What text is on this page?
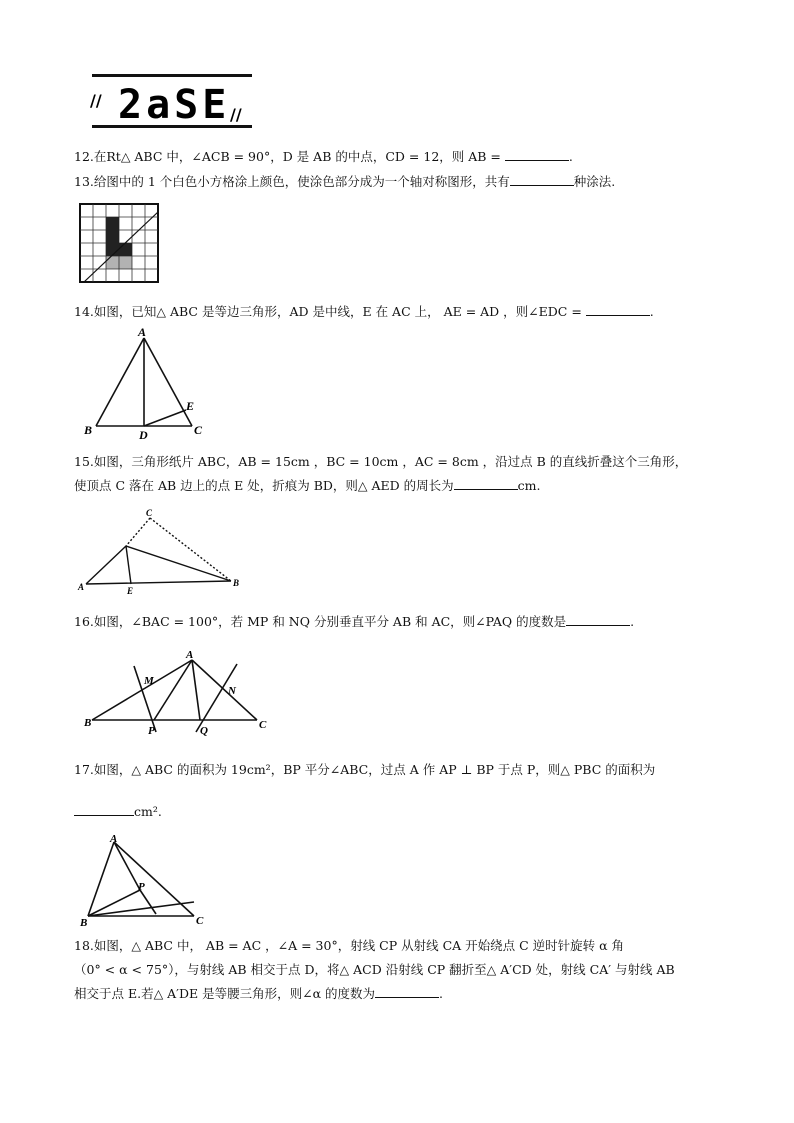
// 2aSE //
12.在Rt△ ABC 中，∠ACB = 90°，D 是 AB 的中点，CD = 12，则 AB =	.
13.给图中的 1 个白色小方格涂上颜色，使涂色部分成为一个轴对称图形，共有	种涂法.
14.如图，已知△ ABC 是等边三角形，AD 是中线，E 在 AC 上， AE = AD ，则∠EDC =	.
A
B	C
D
E
15.如图，三角形纸片 ABC，AB = 15cm ，BC = 10cm ，AC = 8cm ，沿过点 B 的直线折叠这个三角形，
使顶点 C 落在 AB 边上的点 E 处，折痕为 BD，则△ AED 的周长为	cm.
A	B
C
E
16.如图，∠BAC = 100°，若 MP 和 NQ 分别垂直平分 AB 和 AC，则∠PAQ 的度数是	.
A
B	C
M
N
P	Q
17.如图，△ ABC 的面积为 19cm²，BP 平分∠ABC，过点 A 作 AP ⊥ BP 于点 P，则△ PBC 的面积为
cm².
A
B	C
P
18.如图，△ ABC 中， AB = AC ，∠A = 30°，射线 CP 从射线 CA 开始绕点 C 逆时针旋转 α 角
（0° < α < 75°），与射线 AB 相交于点 D，将△ ACD 沿射线 CP 翻折至△ A′CD 处，射线 CA′ 与射线 AB
相交于点 E.若△ A′DE 是等腰三角形，则∠α 的度数为	.
